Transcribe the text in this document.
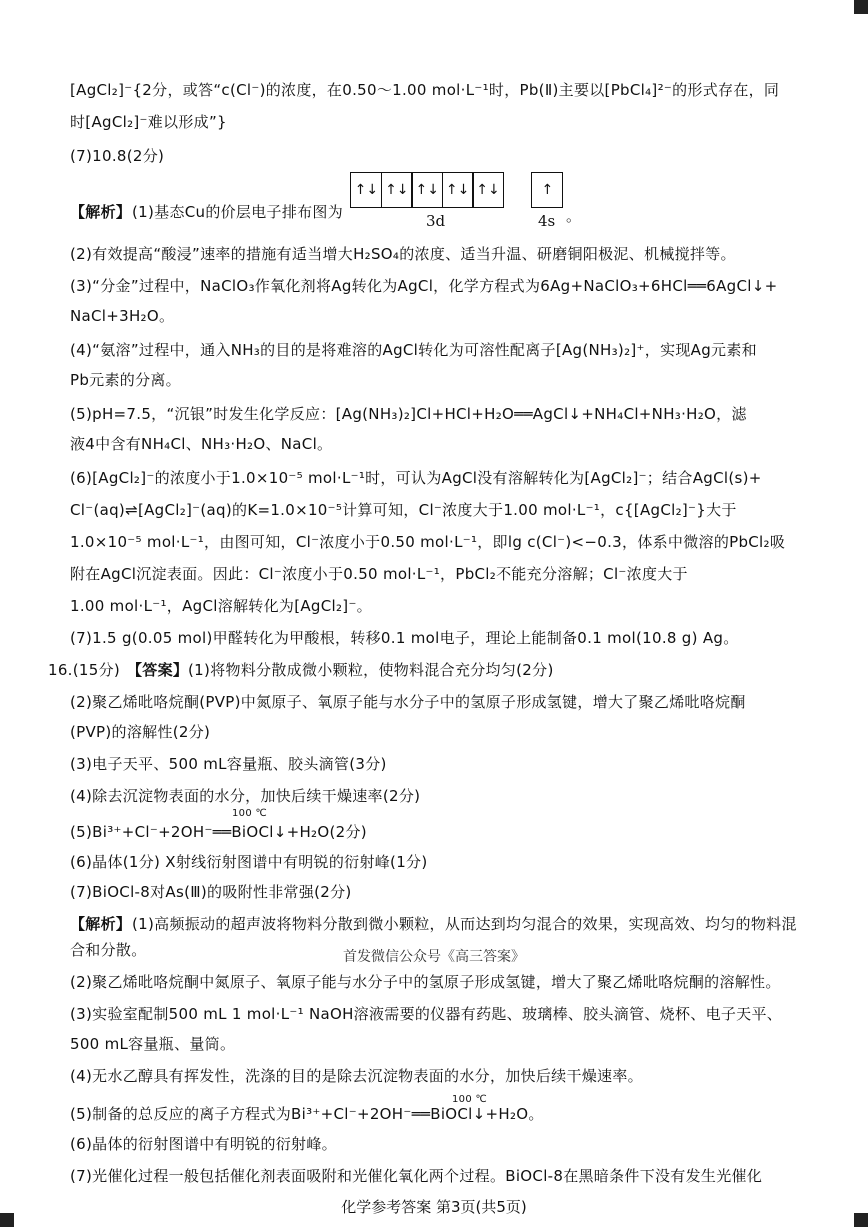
[AgCl₂]⁻{2分，或答“c(Cl⁻)的浓度，在0.50～1.00 mol·L⁻¹时，Pb(Ⅱ)主要以[PbCl₄]²⁻的形式存在，同
时[AgCl₂]⁻难以形成”}
(7)10.8(2分)
【解析】 (1)基态Cu的价层电子排布图为
↑↓ ↑↓ ↑↓ ↑↓ ↑↓	↑
3d	4s 。
(2)有效提高“酸浸”速率的措施有适当增大H₂SO₄的浓度、适当升温、研磨铜阳极泥、机械搅拌等。
(3)“分金”过程中，NaClO₃作氧化剂将Ag转化为AgCl，化学方程式为6Ag+NaClO₃+6HCl══6AgCl↓+
NaCl+3H₂O。
(4)“氨溶”过程中，通入NH₃的目的是将难溶的AgCl转化为可溶性配离子[Ag(NH₃)₂]⁺，实现Ag元素和
Pb元素的分离。
(5)pH=7.5，“沉银”时发生化学反应：[Ag(NH₃)₂]Cl+HCl+H₂O══AgCl↓+NH₄Cl+NH₃·H₂O，滤
液4中含有NH₄Cl、NH₃·H₂O、NaCl。
(6)[AgCl₂]⁻的浓度小于1.0×10⁻⁵ mol·L⁻¹时，可认为AgCl没有溶解转化为[AgCl₂]⁻；结合AgCl(s)+
Cl⁻(aq)⇌[AgCl₂]⁻(aq)的K=1.0×10⁻⁵计算可知，Cl⁻浓度大于1.00 mol·L⁻¹，c{[AgCl₂]⁻}大于
1.0×10⁻⁵ mol·L⁻¹，由图可知，Cl⁻浓度小于0.50 mol·L⁻¹，即lg c(Cl⁻)<−0.3，体系中微溶的PbCl₂吸
附在AgCl沉淀表面。因此：Cl⁻浓度小于0.50 mol·L⁻¹，PbCl₂不能充分溶解；Cl⁻浓度大于
1.00 mol·L⁻¹，AgCl溶解转化为[AgCl₂]⁻。
(7)1.5 g(0.05 mol)甲醛转化为甲酸根，转移0.1 mol电子，理论上能制备0.1 mol(10.8 g) Ag。
16.(15分) 【答案】 (1)将物料分散成微小颗粒，使物料混合充分均匀(2分)
(2)聚乙烯吡咯烷酮(PVP)中氮原子、氧原子能与水分子中的氢原子形成氢键，增大了聚乙烯吡咯烷酮
(PVP)的溶解性(2分)
(3)电子天平、500 mL容量瓶、胶头滴管(3分)
(4)除去沉淀物表面的水分，加快后续干燥速率(2分)
100 ℃
(5)Bi³⁺+Cl⁻+2OH⁻══BiOCl↓+H₂O(2分)
(6)晶体(1分) X射线衍射图谱中有明锐的衍射峰(1分)
(7)BiOCl-8对As(Ⅲ)的吸附性非常强(2分)
【解析】 (1)高频振动的超声波将物料分散到微小颗粒，从而达到均匀混合的效果，实现高效、均匀的物料混
合和分散。	首发微信公众号《高三答案》
(2)聚乙烯吡咯烷酮中氮原子、氧原子能与水分子中的氢原子形成氢键，增大了聚乙烯吡咯烷酮的溶解性。
(3)实验室配制500 mL 1 mol·L⁻¹ NaOH溶液需要的仪器有药匙、玻璃棒、胶头滴管、烧杯、电子天平、
500 mL容量瓶、量筒。
(4)无水乙醇具有挥发性，洗涤的目的是除去沉淀物表面的水分，加快后续干燥速率。
100 ℃
(5)制备的总反应的离子方程式为Bi³⁺+Cl⁻+2OH⁻══BiOCl↓+H₂O。
(6)晶体的衍射图谱中有明锐的衍射峰。
(7)光催化过程一般包括催化剂表面吸附和光催化氧化两个过程。BiOCl-8在黑暗条件下没有发生光催化
化学参考答案 第3页(共5页)
